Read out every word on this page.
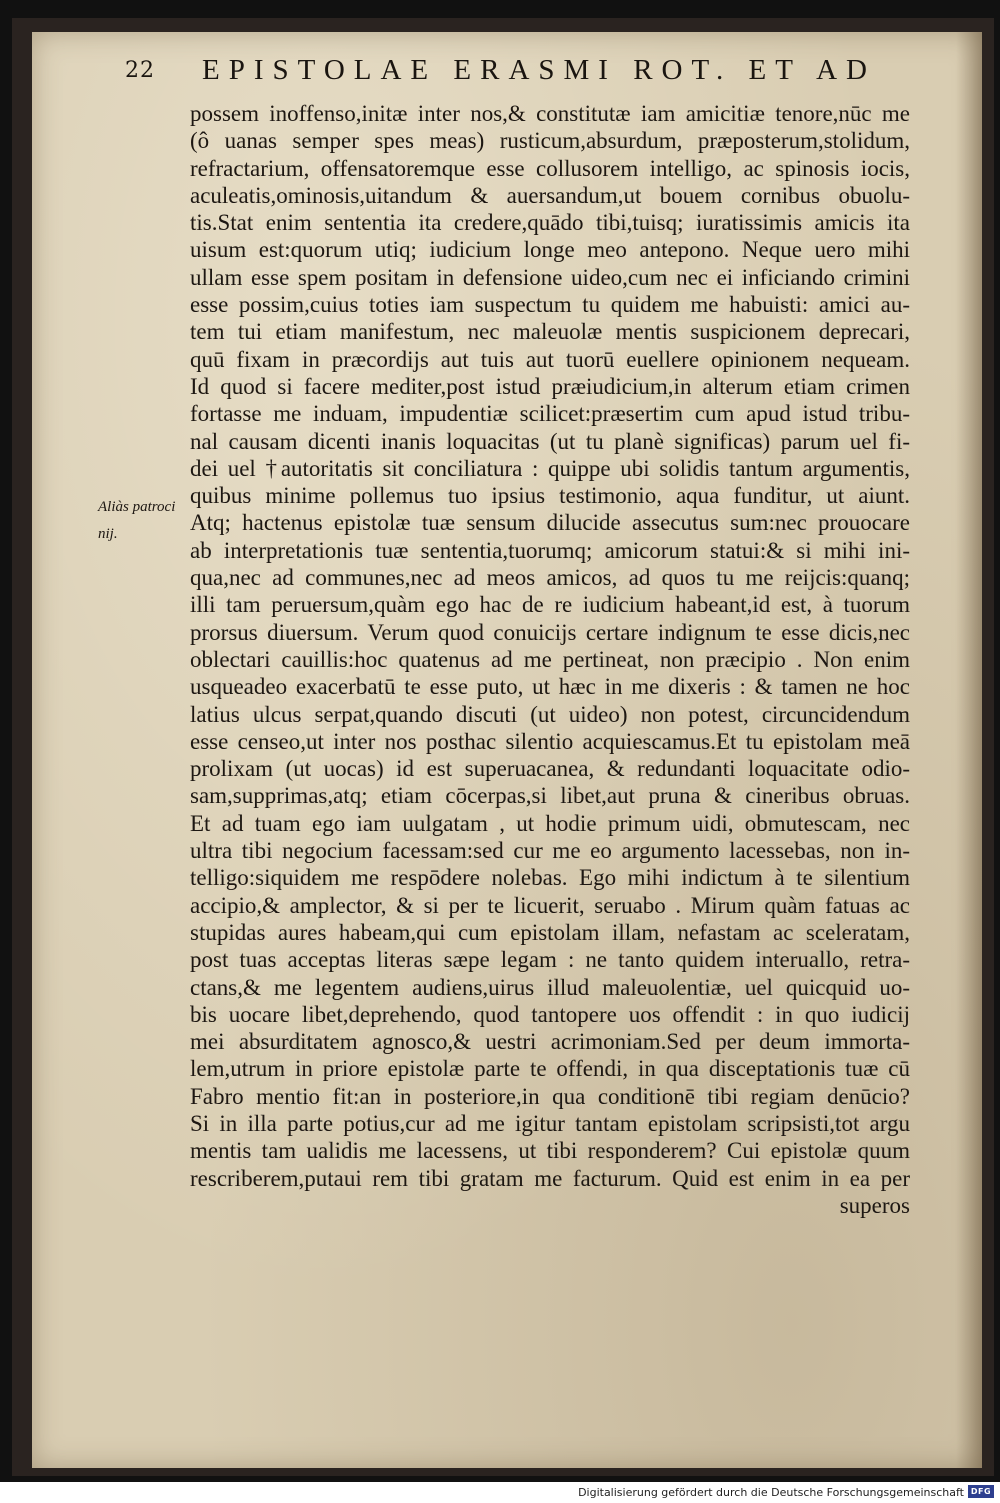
22 EPISTOLAE ERASMI ROT. ET AD
Aliàs patroci
nij.
possem inoffenso,initæ inter nos,& constitutæ iam amicitiæ tenore,nūc me
(ô uanas semper spes meas) rusticum,absurdum, præposterum,stolidum,
refractarium, offensatoremque esse collusorem intelligo, ac spinosis iocis,
aculeatis,ominosis,uitandum & auersandum,ut bouem cornibus obuolu-
tis.Stat enim sententia ita credere,quādo tibi,tuisq; iuratissimis amicis ita
uisum est:quorum utiq; iudicium longe meo antepono. Neque uero mihi
ullam esse spem positam in defensione uideo,cum nec ei inficiando crimini
esse possim,cuius toties iam suspectum tu quidem me habuisti: amici au-
tem tui etiam manifestum, nec maleuolæ mentis suspicionem deprecari,
quū fixam in præcordijs aut tuis aut tuorū euellere opinionem nequeam.
Id quod si facere mediter,post istud præiudicium,in alterum etiam crimen
fortasse me induam, impudentiæ scilicet:præsertim cum apud istud tribu-
nal causam dicenti inanis loquacitas (ut tu planè significas) parum uel fi-
dei uel †autoritatis sit conciliatura : quippe ubi solidis tantum argumentis,
quibus minime pollemus tuo ipsius testimonio, aqua funditur, ut aiunt.
Atq; hactenus epistolæ tuæ sensum dilucide assecutus sum:nec prouocare
ab interpretationis tuæ sententia,tuorumq; amicorum statui:& si mihi ini-
qua,nec ad communes,nec ad meos amicos, ad quos tu me reijcis:quanq;
illi tam peruersum,quàm ego hac de re iudicium habeant,id est, à tuorum
prorsus diuersum. Verum quod conuicijs certare indignum te esse dicis,nec
oblectari cauillis:hoc quatenus ad me pertineat, non præcipio . Non enim
usqueadeo exacerbatū te esse puto, ut hæc in me dixeris : & tamen ne hoc
latius ulcus serpat,quando discuti (ut uideo) non potest, circuncidendum
esse censeo,ut inter nos posthac silentio acquiescamus.Et tu epistolam meā
prolixam (ut uocas) id est superuacanea, & redundanti loquacitate odio-
sam,supprimas,atq; etiam cōcerpas,si libet,aut pruna & cineribus obruas.
Et ad tuam ego iam uulgatam , ut hodie primum uidi, obmutescam, nec
ultra tibi negocium facessam:sed cur me eo argumento lacessebas, non in-
telligo:siquidem me respōdere nolebas. Ego mihi indictum à te silentium
accipio,& amplector, & si per te licuerit, seruabo . Mirum quàm fatuas ac
stupidas aures habeam,qui cum epistolam illam, nefastam ac sceleratam,
post tuas acceptas literas sæpe legam : ne tanto quidem interuallo, retra-
ctans,& me legentem audiens,uirus illud maleuolentiæ, uel quicquid uo-
bis uocare libet,deprehendo, quod tantopere uos offendit : in quo iudicij
mei absurditatem agnosco,& uestri acrimoniam.Sed per deum immorta-
lem,utrum in priore epistolæ parte te offendi, in qua disceptationis tuæ cū
Fabro mentio fit:an in posteriore,in qua conditionē tibi regiam denūcio?
Si in illa parte potius,cur ad me igitur tantam epistolam scripsisti,tot argu
mentis tam ualidis me lacessens, ut tibi responderem? Cui epistolæ quum
rescriberem,putaui rem tibi gratam me facturum. Quid est enim in ea per
superos
Digitalisierung gefördert durch die Deutsche Forschungsgemeinschaft DFG
